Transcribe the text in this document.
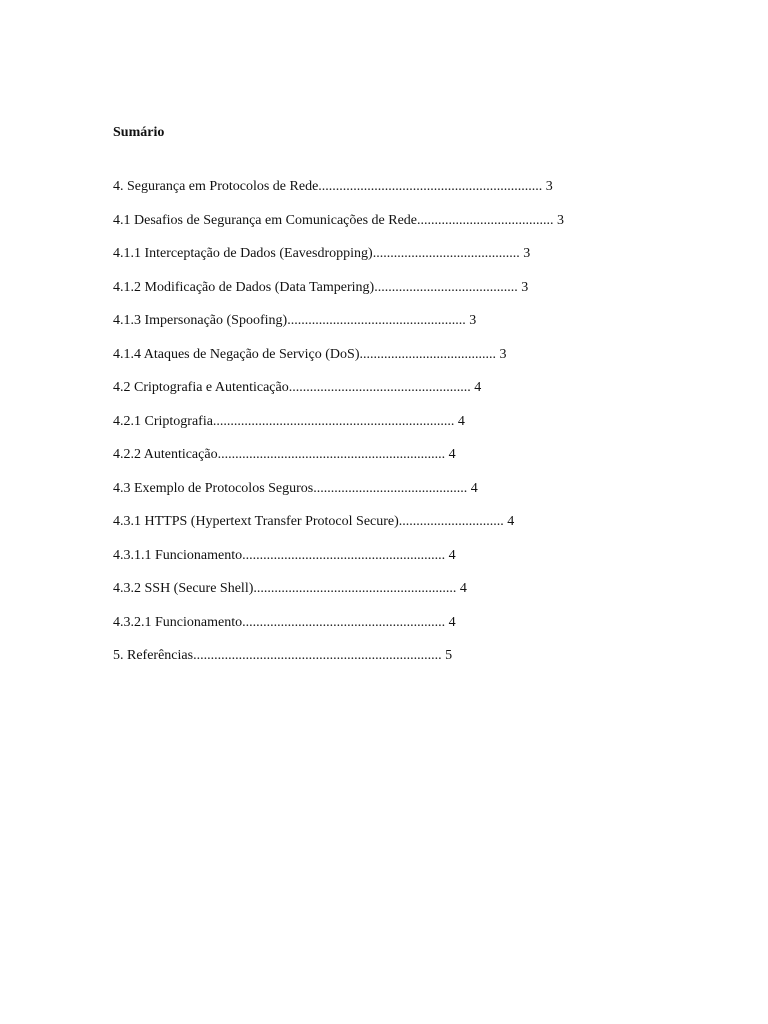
Sumário
4. Segurança em Protocolos de Rede................................................................ 3
4.1 Desafios de Segurança em Comunicações de Rede....................................... 3
4.1.1 Interceptação de Dados (Eavesdropping).......................................... 3
4.1.2 Modificação de Dados (Data Tampering)......................................... 3
4.1.3 Impersonação (Spoofing)................................................... 3
4.1.4 Ataques de Negação de Serviço (DoS)....................................... 3
4.2 Criptografia e Autenticação.................................................... 4
4.2.1 Criptografia..................................................................... 4
4.2.2 Autenticação................................................................. 4
4.3 Exemplo de Protocolos Seguros............................................ 4
4.3.1 HTTPS (Hypertext Transfer Protocol Secure).............................. 4
4.3.1.1 Funcionamento.......................................................... 4
4.3.2 SSH (Secure Shell).......................................................... 4
4.3.2.1 Funcionamento.......................................................... 4
5. Referências....................................................................... 5
